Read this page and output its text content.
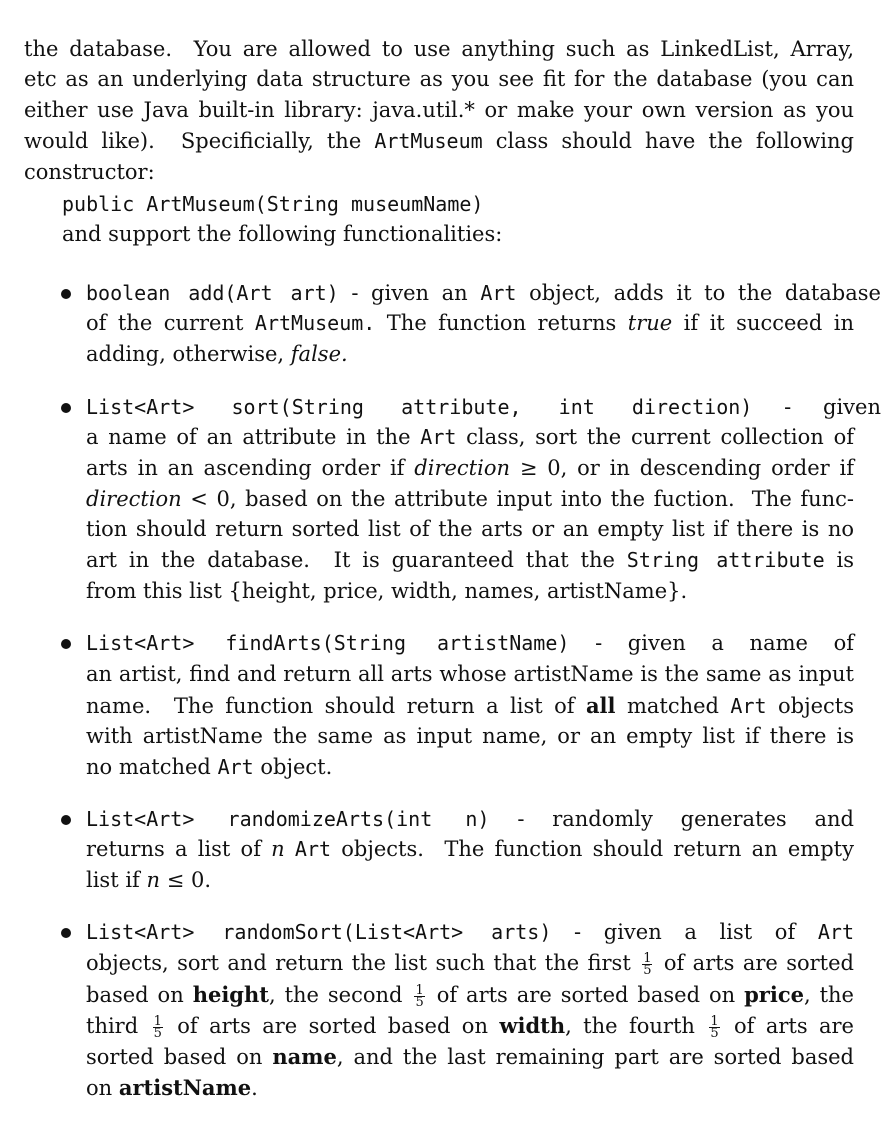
the database.  You are allowed to use anything such as LinkedList, Array,
etc as an underlying data structure as you see fit for the database (you can
either use Java built-in library: java.util.* or make your own version as you
would like).  Specificially, the ArtMuseum class should have the following
constructor:
public ArtMuseum(String museumName)
and support the following functionalities:
boolean add(Art art) - given an Art object, adds it to the database
of the current ArtMuseum. The function returns true if it succeed in
adding, otherwise, false.
List<Art> sort(String attribute, int direction) - given
a name of an attribute in the Art class, sort the current collection of
arts in an ascending order if direction ≥ 0, or in descending order if
direction < 0, based on the attribute input into the fuction.  The func-
tion should return sorted list of the arts or an empty list if there is no
art in the database.  It is guaranteed that the String attribute is
from this list {height, price, width, names, artistName}.
List<Art> findArts(String artistName) - given a name of
an artist, find and return all arts whose artistName is the same as input
name.  The function should return a list of all matched Art objects
with artistName the same as input name, or an empty list if there is
no matched Art object.
List<Art> randomizeArts(int n) - randomly generates and
returns a list of n Art objects.  The function should return an empty
list if n ≤ 0.
List<Art> randomSort(List<Art> arts) - given a list of Art
objects, sort and return the list such that the first $\frac{1}{5}$ of arts are sorted
based on height, the second $\frac{1}{5}$ of arts are sorted based on price, the
third $\frac{1}{5}$ of arts are sorted based on width, the fourth $\frac{1}{5}$ of arts are
sorted based on name, and the last remaining part are sorted based
on artistName.
